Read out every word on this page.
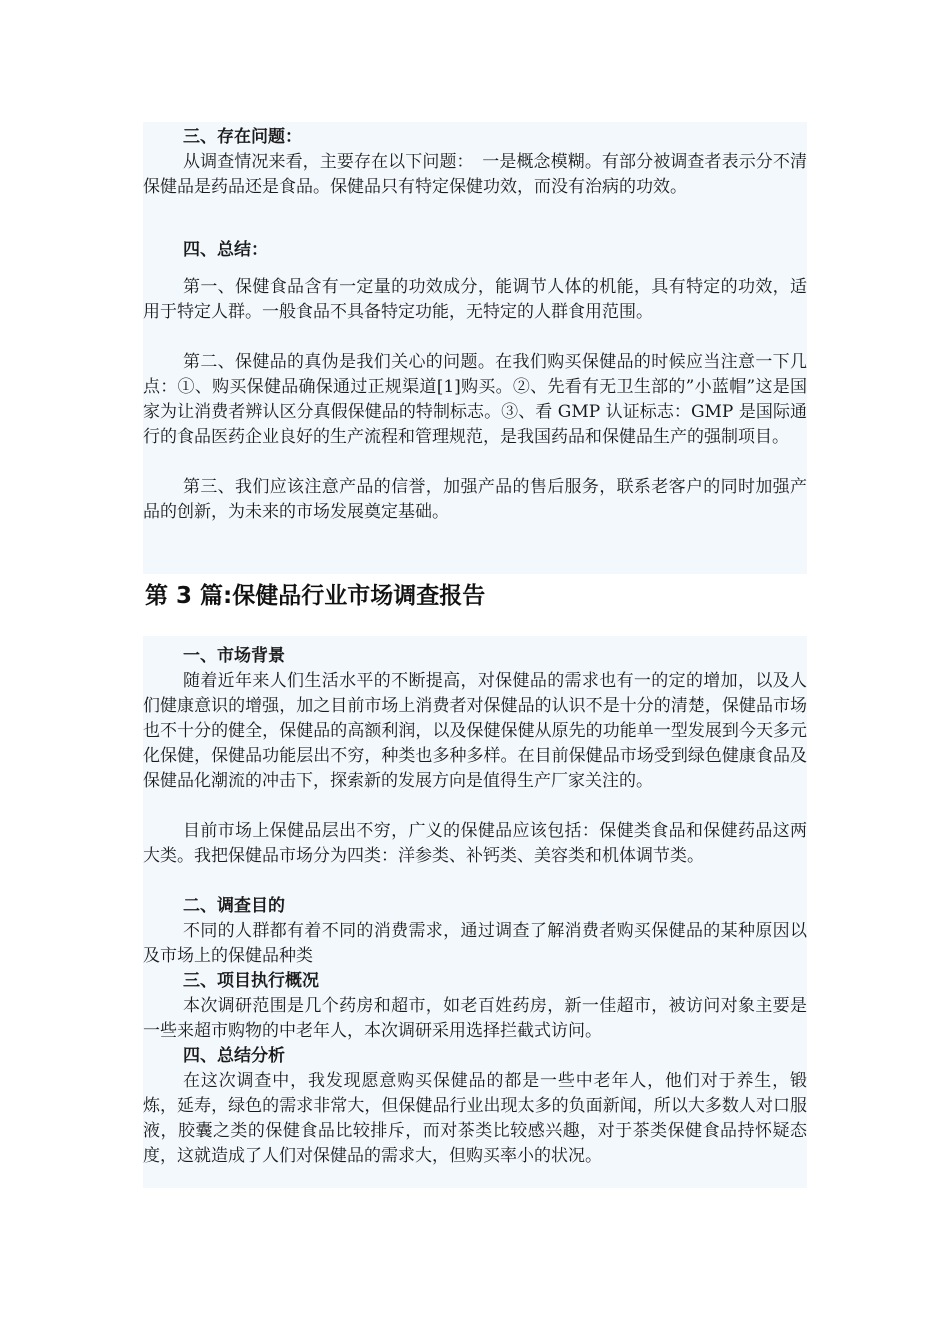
三、存在问题：

从调查情况来看，主要存在以下问题：　一是概念模糊。有部分被调查者表示分不清保健品是药品还是食品。保健品只有特定保健功效，而没有治病的功效。

四、总结：

第一、保健食品含有一定量的功效成分，能调节人体的机能，具有特定的功效，适用于特定人群。一般食品不具备特定功能，无特定的人群食用范围。

第二、保健品的真伪是我们关心的问题。在我们购买保健品的时候应当注意一下几点：①、购买保健品确保通过正规渠道[1]购买。②、先看有无卫生部的”小蓝帽”这是国家为让消费者辨认区分真假保健品的特制标志。③、看 GMP 认证标志：GMP 是国际通行的食品医药企业良好的生产流程和管理规范，是我国药品和保健品生产的强制项目。

第三、我们应该注意产品的信誉，加强产品的售后服务，联系老客户的同时加强产品的创新，为未来的市场发展奠定基础。

第 3 篇:保健品行业市场调查报告

一、市场背景

随着近年来人们生活水平的不断提高，对保健品的需求也有一的定的增加，以及人们健康意识的增强，加之目前市场上消费者对保健品的认识不是十分的清楚，保健品市场也不十分的健全，保健品的高额利润，以及保健保健从原先的功能单一型发展到今天多元化保健，保健品功能层出不穷，种类也多种多样。在目前保健品市场受到绿色健康食品及保健品化潮流的冲击下，探索新的发展方向是值得生产厂家关注的。

目前市场上保健品层出不穷，广义的保健品应该包括：保健类食品和保健药品这两大类。我把保健品市场分为四类：洋参类、补钙类、美容类和机体调节类。

二、调查目的

不同的人群都有着不同的消费需求，通过调查了解消费者购买保健品的某种原因以及市场上的保健品种类

三、项目执行概况

本次调研范围是几个药房和超市，如老百姓药房，新一佳超市，被访问对象主要是一些来超市购物的中老年人，本次调研采用选择拦截式访问。

四、总结分析

在这次调查中，我发现愿意购买保健品的都是一些中老年人，他们对于养生，锻炼，延寿，绿色的需求非常大，但保健品行业出现太多的负面新闻，所以大多数人对口服液，胶囊之类的保健食品比较排斥，而对茶类比较感兴趣，对于茶类保健食品持怀疑态度，这就造成了人们对保健品的需求大，但购买率小的状况。
